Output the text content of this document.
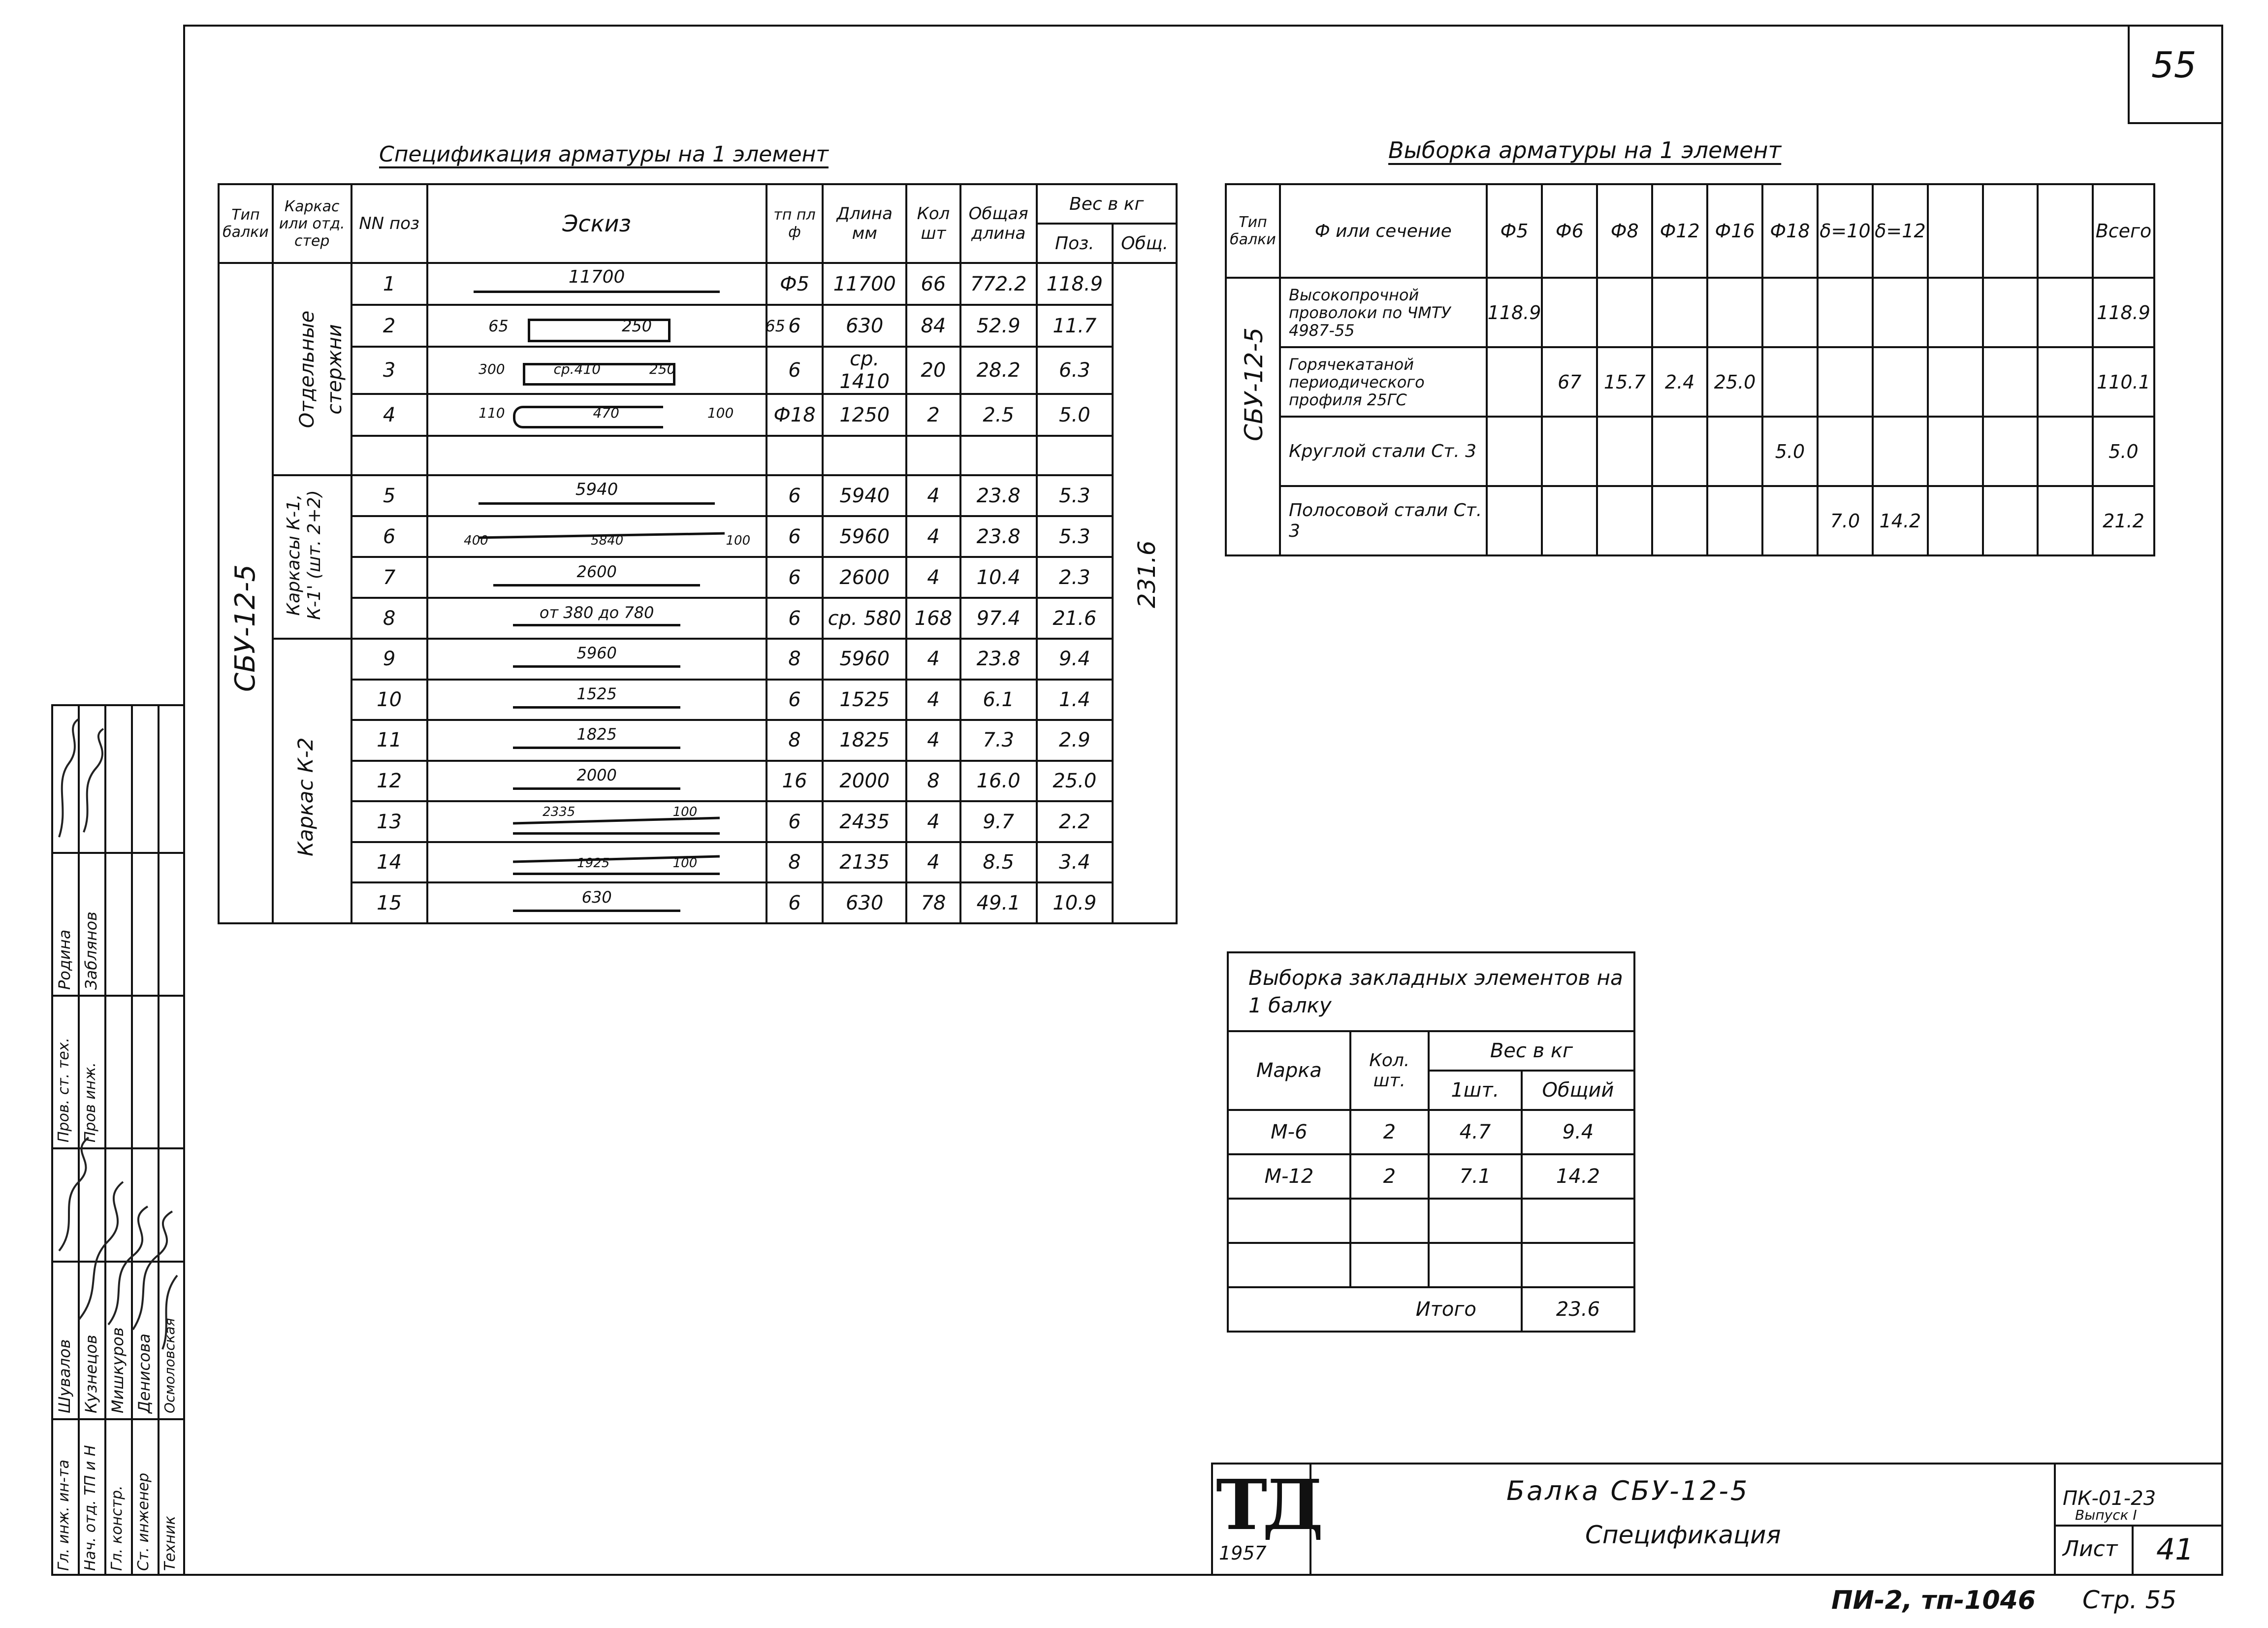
55
Спецификация арматуры на 1 элемент
Тип балки	Каркас или отд. стер	NN поз	Эскиз	тп пл ф	Длина мм	Кол шт	Общая длина	Вес в кг	
								Поз.	Общ.

СБУ-12-5	Отдельные стержни	1	11700	Ф5	11700	66	772.2	118.9	231.6

		2	65 250 65	6	630	84	52.9	11.7	
		3	300 ср.410 250	6	ср. 1410	20	28.2	6.3	
		4	110 470 100	Ф18	1250	2	2.5	5.0	

	Каркасы К-1, К-1' (шт. 2+2)	5	5940	6	5940	4	23.8	5.3	
		6	400 5840 100	6	5960	4	23.8	5.3	
		7	2600	6	2600	4	10.4	2.3	
		8	от 380 до 780	6	ср. 580	168	97.4	21.6	

	Каркас К-2	9	5960	8	5960	4	23.8	9.4	
		10	1525	6	1525	4	6.1	1.4	
		11	1825	8	1825	4	7.3	2.9	
		12	2000	16	2000	8	16.0	25.0	
		13	2335 100	6	2435	4	9.7	2.2	
		14	1925 100	8	2135	4	8.5	3.4	
		15	630	6	630	78	49.1	10.9	
Выборка арматуры на 1 элемент
Тип балки	Ф или сечение	Ф5	Ф6	Ф8	Ф12	Ф16	Ф18	δ=10	δ=12				Всего

СБУ-12-5	Высокопрочной проволоки по ЧМТУ 4987-55	118.9											118.9
	Горячекатаной периодического профиля 25ГС		67	15.7	2.4	25.0							110.1
	Круглой стали Ст. 3						5.0						5.0
	Полосовой стали Ст. 3							7.0	14.2				21.2
Выборка закладных элементов на 1 балку			
Марка	Кол. шт.	Вес в кг	
		1шт.	Общий
М-6	2	4.7	9.4
М-12	2	7.1	14.2

Итого			23.6
ТД
1957
Балка СБУ-12-5
Спецификация
ПК-01-23
Выпуск I
Лист 41
ПИ-2, тп-1046 Стр. 55
Гл. инж. ин-та Нач. отд. ТП и Н Гл. констр. Ст. инженер Техник
Шувалов Кузнецов Мишкуров Денисова Осмоловская
Пров. ст. тех. Пров инж.
Родина Заблянов
